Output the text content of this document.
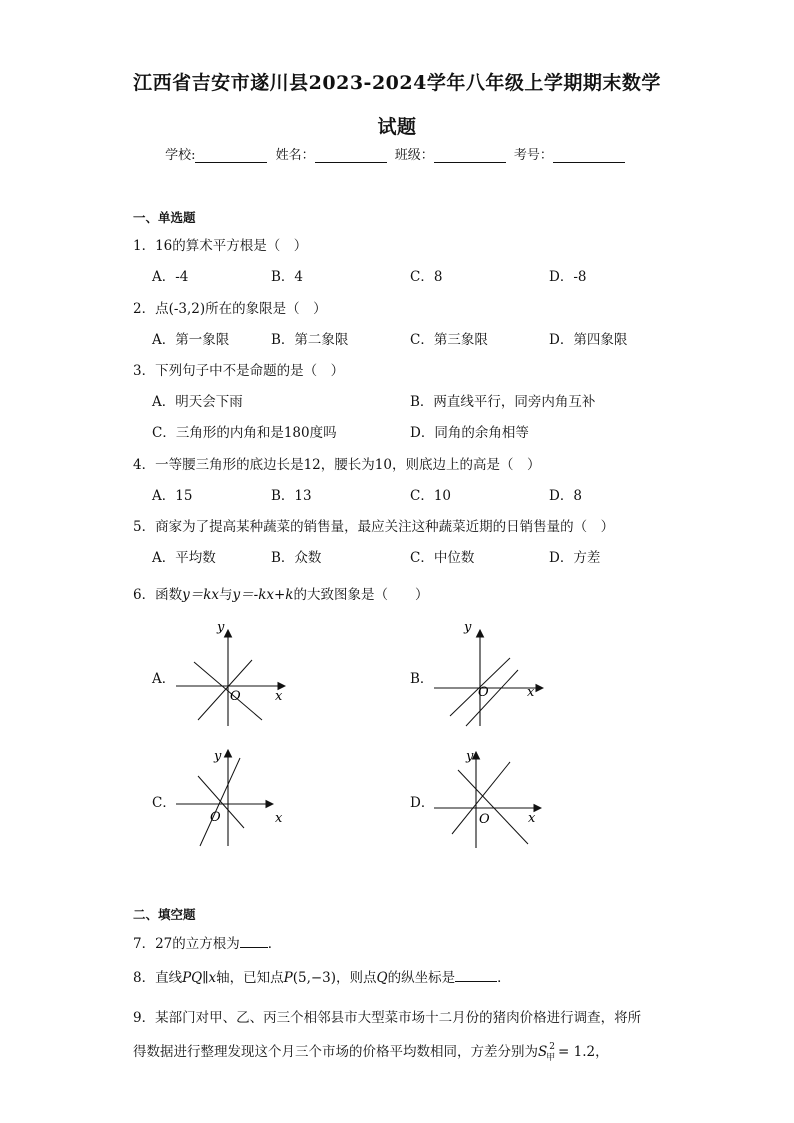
江西省吉安市遂川县2023-2024学年八年级上学期期末数学
试题
学校:	姓名：	班级：	考号：
一、单选题
1．16的算术平方根是（　）
A．-4	B．4	C．8	D．-8
2．点(-3,2)所在的象限是（　）
A．第一象限	B．第二象限	C．第三象限	D．第四象限
3．下列句子中不是命题的是（　）
A．明天会下雨	B．两直线平行，同旁内角互补
C．三角形的内角和是180度吗	D．同角的余角相等
4．一等腰三角形的底边长是12，腰长为10，则底边上的高是（　）
A．15	B．13	C．10	D．8
5．商家为了提高某种蔬菜的销售量，最应关注这种蔬菜近期的日销售量的（　）
A．平均数	B．众数	C．中位数	D．方差
6．函数y＝kx与y＝-kx+k的大致图象是（　　）
A．	B．
C．	D．
y
x
O
y
x
O
y
x
O
y
x
O
二、填空题
7．27的立方根为 ．
8．直线PQ∥x轴，已知点P(5,−3)，则点Q的纵坐标是	．
9．某部门对甲、乙、丙三个相邻县市大型菜市场十二月份的猪肉价格进行调查，将所
得数据进行整理发现这个月三个市场的价格平均数相同，方差分别为$S_甲^2 = 1.2$，
